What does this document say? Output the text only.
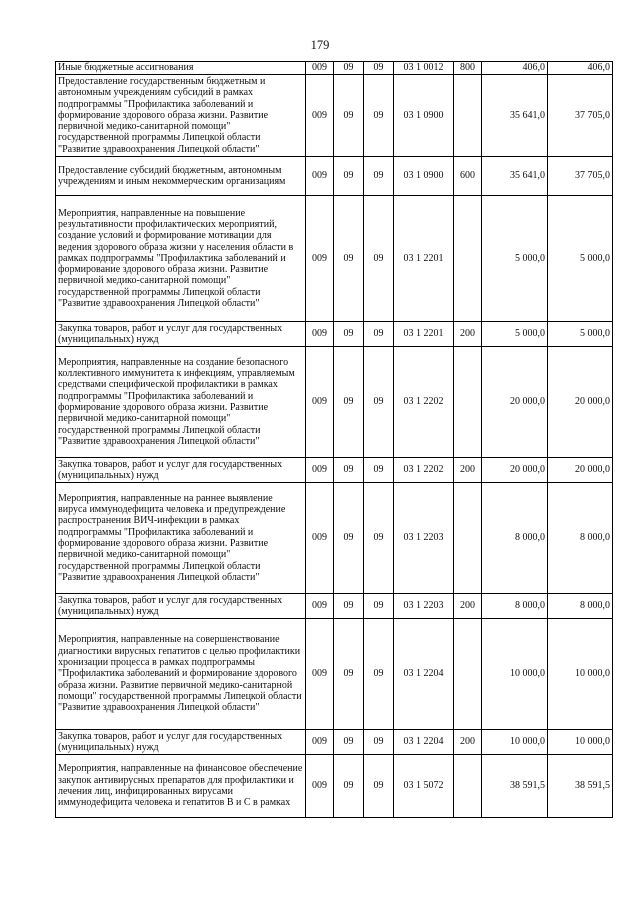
179
Иные бюджетные ассигнования	009	09	09	03 1 0012	800	406,0	406,0
Предоставление государственным бюджетным и автономным учреждениям субсидий в рамках подпрограммы "Профилактика заболеваний и формирование здорового образа жизни. Развитие первичной медико-санитарной помощи" государственной программы Липецкой области "Развитие здравоохранения Липецкой области"	009	09	09	03 1 0900		35 641,0	37 705,0
Предоставление субсидий бюджетным, автономным учреждениям и иным некоммерческим организациям	009	09	09	03 1 0900	600	35 641,0	37 705,0
Мероприятия, направленные на повышение результативности профилактических мероприятий, создание условий и формирование мотивации для ведения здорового образа жизни у населения области в рамках подпрограммы "Профилактика заболеваний и формирование здорового образа жизни. Развитие первичной медико-санитарной помощи" государственной программы Липецкой области "Развитие здравоохранения Липецкой области"	009	09	09	03 1 2201		5 000,0	5 000,0
Закупка товаров, работ и услуг для государственных (муниципальных) нужд	009	09	09	03 1 2201	200	5 000,0	5 000,0
Мероприятия, направленные на создание безопасного коллективного иммунитета к инфекциям, управляемым средствами специфической профилактики в рамках подпрограммы "Профилактика заболеваний и формирование здорового образа жизни. Развитие первичной медико-санитарной помощи" государственной программы Липецкой области "Развитие здравоохранения Липецкой области"	009	09	09	03 1 2202		20 000,0	20 000,0
Закупка товаров, работ и услуг для государственных (муниципальных) нужд	009	09	09	03 1 2202	200	20 000,0	20 000,0
Мероприятия, направленные на раннее выявление вируса иммунодефицита человека и предупреждение распространения ВИЧ-инфекции в рамках подпрограммы "Профилактика заболеваний и формирование здорового образа жизни. Развитие первичной медико-санитарной помощи" государственной программы Липецкой области "Развитие здравоохранения Липецкой области"	009	09	09	03 1 2203		8 000,0	8 000,0
Закупка товаров, работ и услуг для государственных (муниципальных) нужд	009	09	09	03 1 2203	200	8 000,0	8 000,0
Мероприятия, направленные на совершенствование диагностики вирусных гепатитов с целью профилактики хронизации процесса в рамках подпрограммы "Профилактика заболеваний и формирование здорового образа жизни. Развитие первичной медико-санитарной помощи" государственной программы Липецкой области "Развитие здравоохранения Липецкой области"	009	09	09	03 1 2204		10 000,0	10 000,0
Закупка товаров, работ и услуг для государственных (муниципальных) нужд	009	09	09	03 1 2204	200	10 000,0	10 000,0
Мероприятия, направленные на финансовое обеспечение закупок антивирусных препаратов для профилактики и лечения лиц, инфицированных вирусами иммунодефицита человека и гепатитов В и С в рамках	009	09	09	03 1 5072		38 591,5	38 591,5
